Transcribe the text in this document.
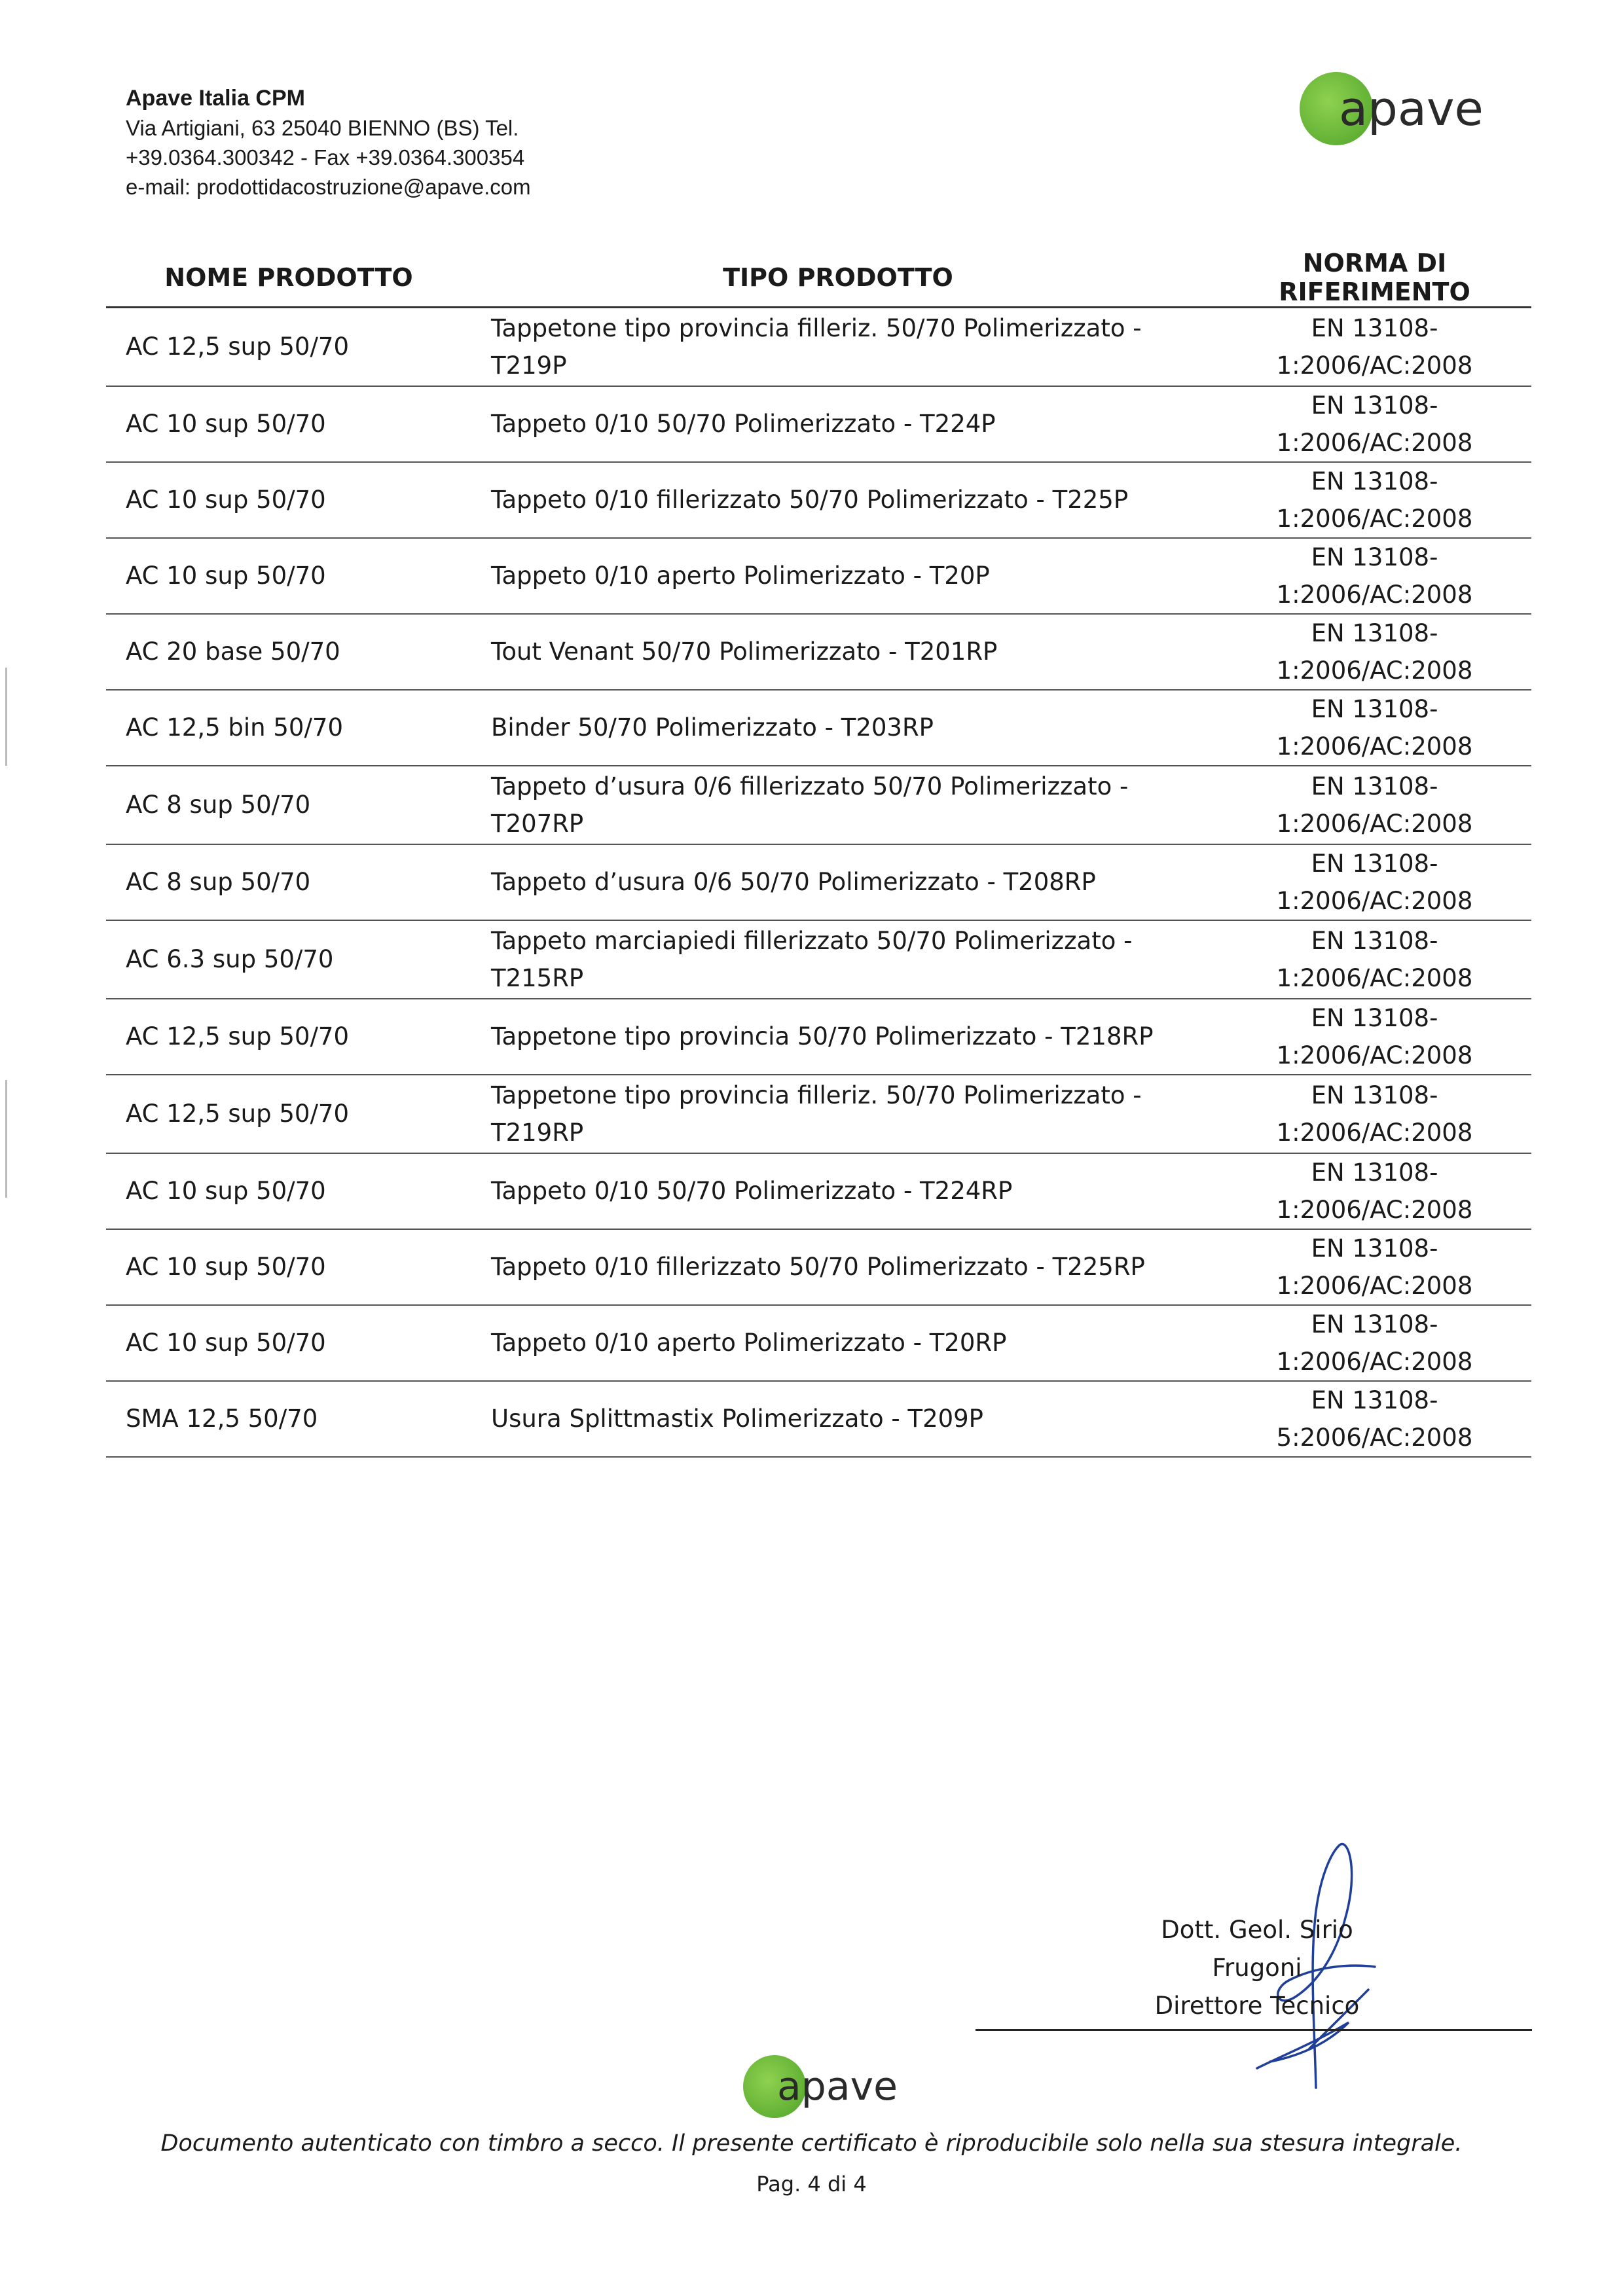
Apave Italia CPM
Via Artigiani, 63 25040 BIENNO (BS) Tel.
+39.0364.300342 - Fax +39.0364.300354
e-mail: prodottidacostruzione@apave.com
apave
NOME PRODOTTO	TIPO PRODOTTO	NORMA DI RIFERIMENTO
AC 12,5 sup 50/70	Tappetone tipo provincia filleriz. 50/70 Polimerizzato - T219P	EN 13108-1:2006/AC:2008
AC 10 sup 50/70	Tappeto 0/10 50/70 Polimerizzato - T224P	EN 13108-1:2006/AC:2008
AC 10 sup 50/70	Tappeto 0/10 fillerizzato 50/70 Polimerizzato - T225P	EN 13108-1:2006/AC:2008
AC 10 sup 50/70	Tappeto 0/10 aperto Polimerizzato - T20P	EN 13108-1:2006/AC:2008
AC 20 base 50/70	Tout Venant 50/70 Polimerizzato - T201RP	EN 13108-1:2006/AC:2008
AC 12,5 bin 50/70	Binder 50/70 Polimerizzato - T203RP	EN 13108-1:2006/AC:2008
AC 8 sup 50/70	Tappeto d’usura 0/6 fillerizzato 50/70 Polimerizzato - T207RP	EN 13108-1:2006/AC:2008
AC 8 sup 50/70	Tappeto d’usura 0/6 50/70 Polimerizzato - T208RP	EN 13108-1:2006/AC:2008
AC 6.3 sup 50/70	Tappeto marciapiedi fillerizzato 50/70 Polimerizzato - T215RP	EN 13108-1:2006/AC:2008
AC 12,5 sup 50/70	Tappetone tipo provincia 50/70 Polimerizzato - T218RP	EN 13108-1:2006/AC:2008
AC 12,5 sup 50/70	Tappetone tipo provincia filleriz. 50/70 Polimerizzato - T219RP	EN 13108-1:2006/AC:2008
AC 10 sup 50/70	Tappeto 0/10 50/70 Polimerizzato - T224RP	EN 13108-1:2006/AC:2008
AC 10 sup 50/70	Tappeto 0/10 fillerizzato 50/70 Polimerizzato - T225RP	EN 13108-1:2006/AC:2008
AC 10 sup 50/70	Tappeto 0/10 aperto Polimerizzato - T20RP	EN 13108-1:2006/AC:2008
SMA 12,5 50/70	Usura Splittmastix Polimerizzato - T209P	EN 13108-5:2006/AC:2008
Dott. Geol. Sirio Frugoni
Direttore Tecnico
apave
Documento autenticato con timbro a secco. Il presente certificato è riproducibile solo nella sua stesura integrale.
Pag. 4 di 4
